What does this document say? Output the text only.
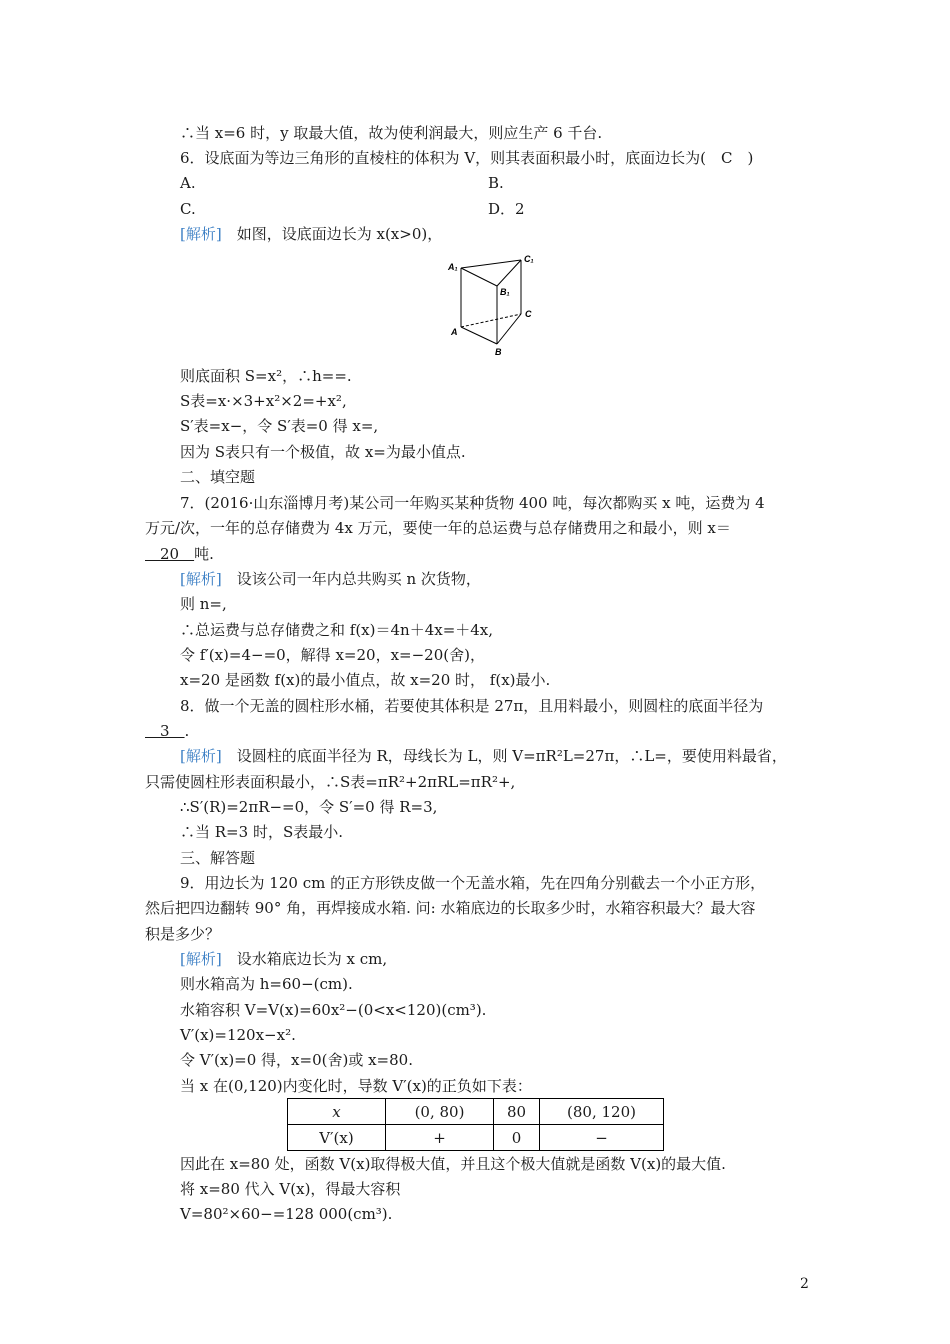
∴当 x=6 时，y 取最大值，故为使利润最大，则应生产 6 千台.
6．设底面为等边三角形的直棱柱的体积为 V，则其表面积最小时，底面边长为(　C　)
A.	B.
C.	D．2
[解析]　如图，设底面边长为 x(x>0)，
A₁
C₁
B₁
C
A
B
则底面积 S=x²，∴h==.
S表=x·×3+x²×2=+x²,
S′表=x−，令 S′表=0 得 x=,
因为 S表只有一个极值，故 x=为最小值点.
二、填空题
7．(2016·山东淄博月考)某公司一年购买某种货物 400 吨，每次都购买 x 吨，运费为 4
万元/次，一年的总存储费为 4x 万元，要使一年的总运费与总存储费用之和最小，则 x＝
　20　吨.
[解析]　设该公司一年内总共购买 n 次货物，
则 n=,
∴总运费与总存储费之和 f(x)＝4n＋4x=＋4x,
令 f′(x)=4−=0，解得 x=20，x=−20(舍)，
x=20 是函数 f(x)的最小值点，故 x=20 时， f(x)最小.
8．做一个无盖的圆柱形水桶，若要使其体积是 27π，且用料最小，则圆柱的底面半径为
　3　.
[解析]　设圆柱的底面半径为 R，母线长为 L，则 V=πR²L=27π，∴L=，要使用料最省，
只需使圆柱形表面积最小，∴S表=πR²+2πRL=πR²+,
∴S′(R)=2πR−=0，令 S′=0 得 R=3,
∴当 R=3 时，S表最小.
三、解答题
9．用边长为 120 cm 的正方形铁皮做一个无盖水箱，先在四角分别截去一个小正方形，
然后把四边翻转 90° 角，再焊接成水箱. 问: 水箱底边的长取多少时，水箱容积最大？最大容
积是多少？
[解析]　设水箱底边长为 x cm,
则水箱高为 h=60−(cm).
水箱容积 V=V(x)=60x²−(0<x<120)(cm³).
V′(x)=120x−x².
令 V′(x)=0 得，x=0(舍)或 x=80.
当 x 在(0,120)内变化时，导数 V′(x)的正负如下表：
x	(0, 80)	80	(80, 120)
V′(x)	+	0	−
因此在 x=80 处，函数 V(x)取得极大值，并且这个极大值就是函数 V(x)的最大值.
将 x=80 代入 V(x)，得最大容积
V=80²×60−=128 000(cm³).
2
